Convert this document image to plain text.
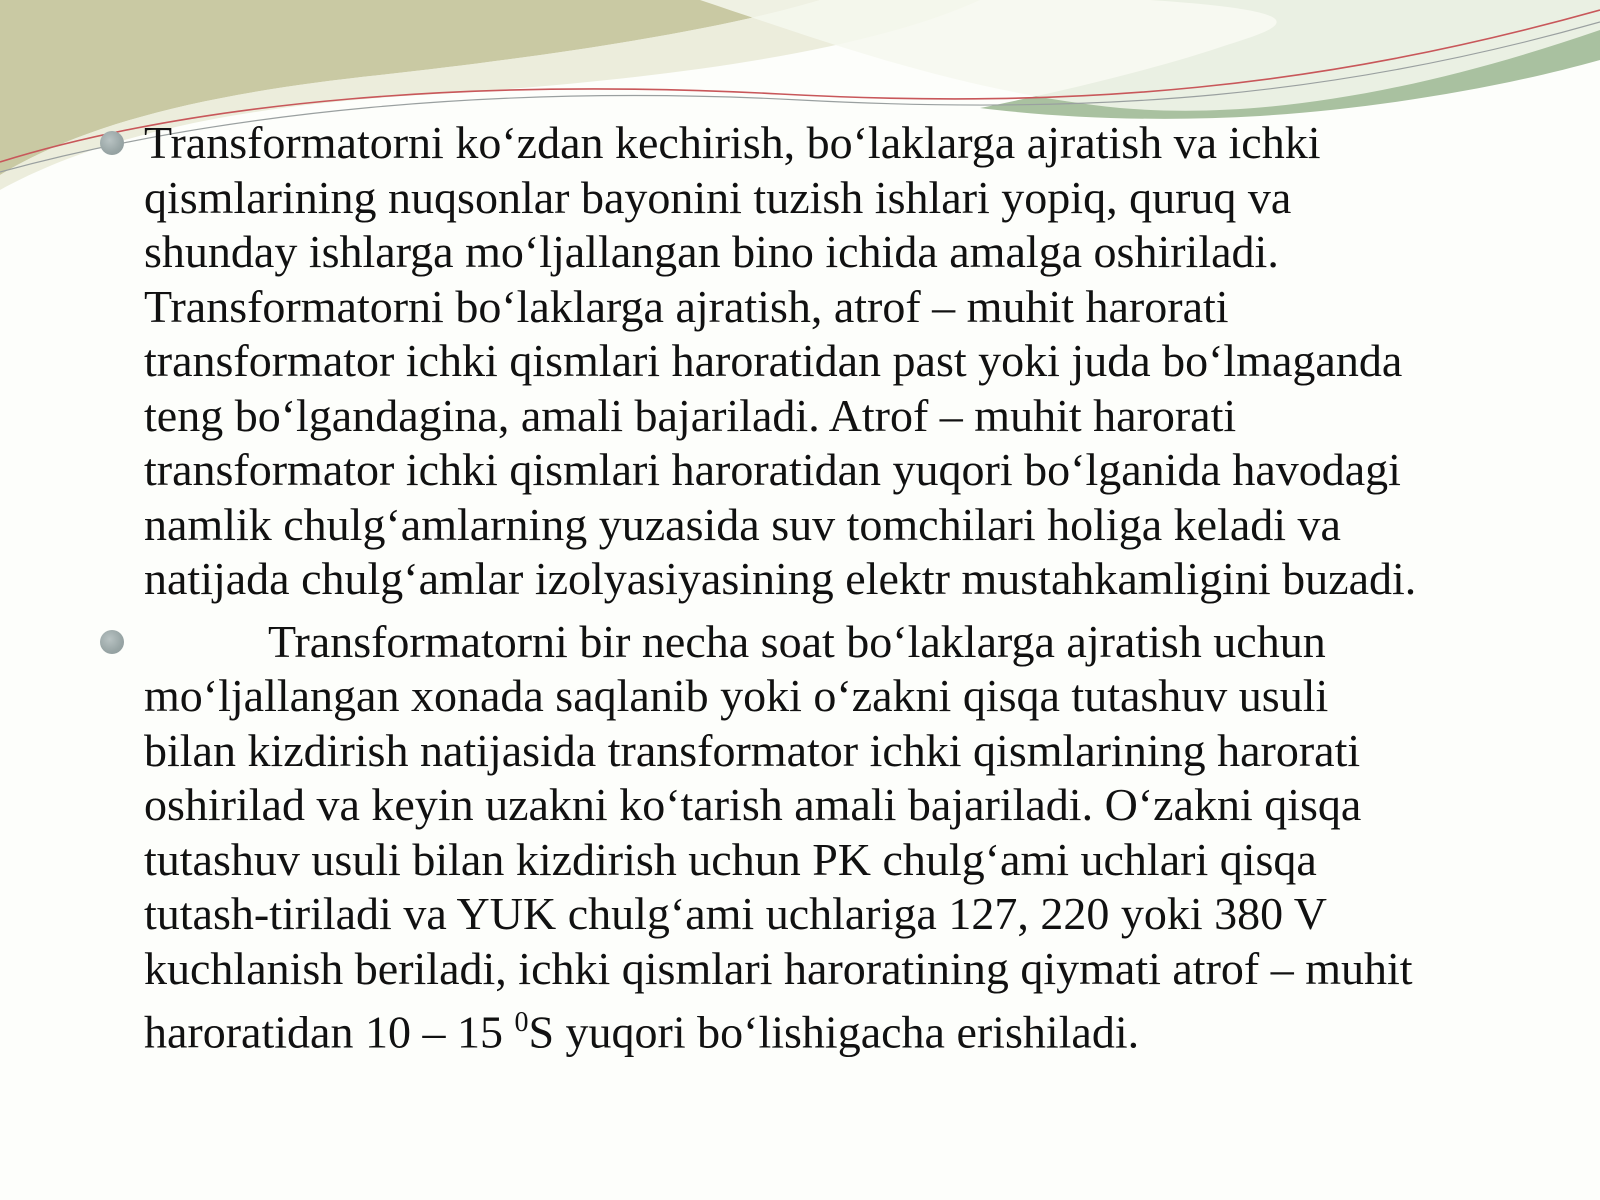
Transformatorni ko‘zdan kechirish, bo‘laklarga ajratish va ichki
qismlarining nuqsonlar bayonini tuzish ishlari yopiq, quruq va
shunday ishlarga mo‘ljallangan bino ichida amalga oshiriladi.
Transformatorni bo‘laklarga ajratish, atrof – muhit harorati
transformator ichki qismlari haroratidan past yoki juda bo‘lmaganda
teng bo‘lgandagina, amali bajariladi. Atrof – muhit harorati
transformator ichki qismlari haroratidan yuqori bo‘lganida havodagi
namlik chulg‘amlarning yuzasida suv tomchilari holiga keladi va
natijada chulg‘amlar izolyasiyasining elektr mustahkamligini buzadi.

Transformatorni bir necha soat bo‘laklarga ajratish uchun
mo‘ljallangan xonada saqlanib yoki o‘zakni qisqa tutashuv usuli
bilan kizdirish natijasida transformator ichki qismlarining harorati
oshirilad va keyin uzakni ko‘tarish amali bajariladi. O‘zakni qisqa
tutashuv usuli bilan kizdirish uchun PK chulg‘ami uchlari qisqa
tutash-tiriladi va YUK chulg‘ami uchlariga 127, 220 yoki 380 V
kuchlanish beriladi, ichki qismlari haroratining qiymati atrof – muhit
haroratidan 10 – 15 $^0$S yuqori bo‘lishigacha erishiladi.
